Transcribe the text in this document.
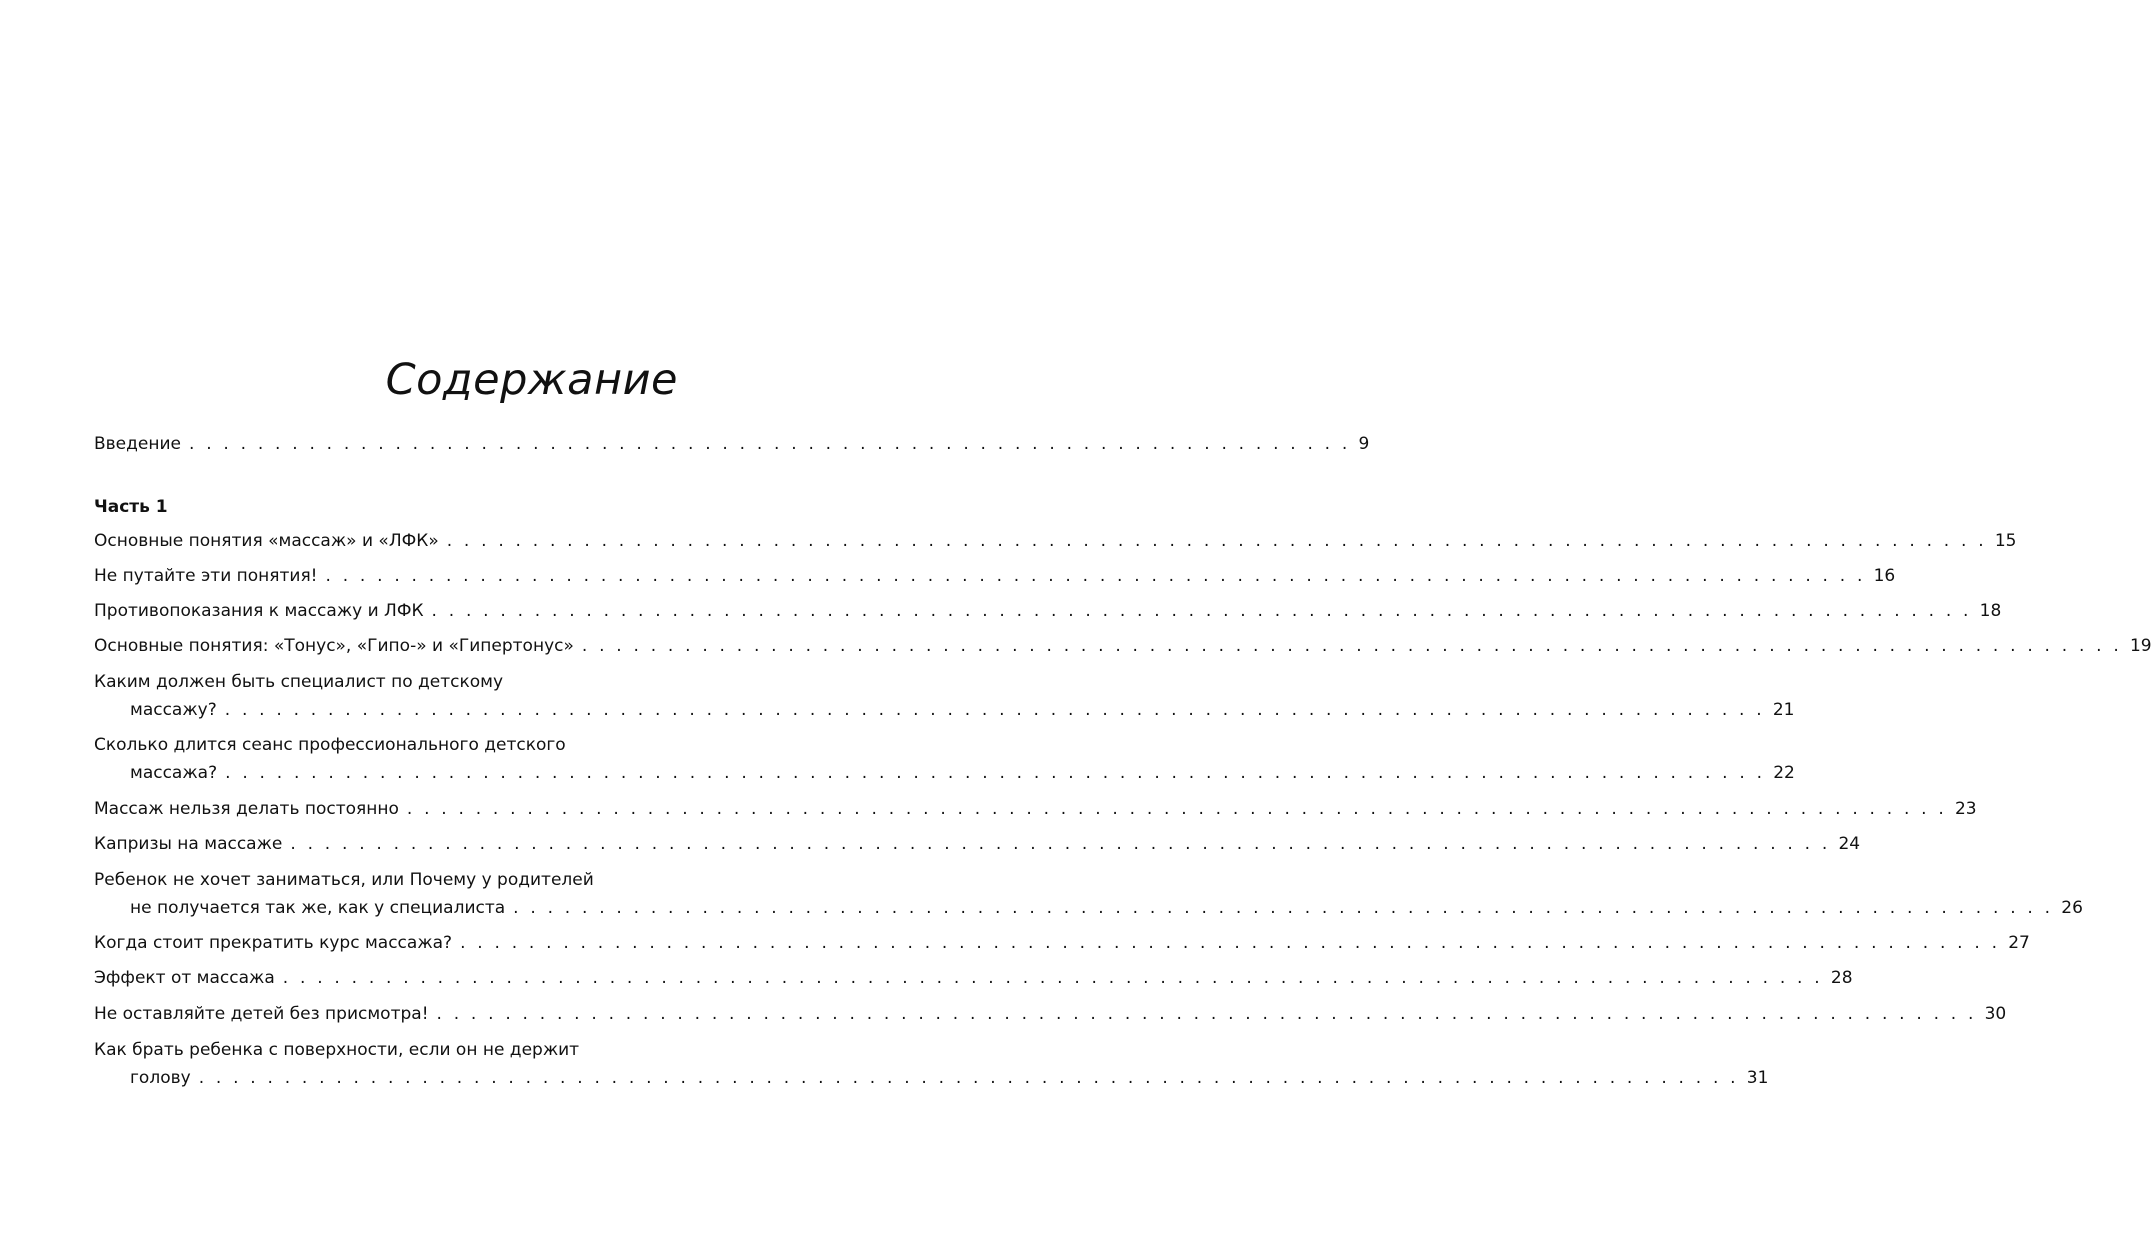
Содержание
Введение . . . . . . . . . . . . . . . . . . . . . . . . . . . . . . . . . . . . . . . . . . . . . . . . . . . . . . . . . . . . . . . . . . . . 9
Часть 1
Основные понятия «массаж» и «ЛФК» . . . . . . . . . . . . . . . . . . . . . . . . . . . . . . . . . . . . . . . . . . . . . . . . . . . . . . . . . . . . . . . . . . . . . . . . . . . . . . . . . . . . . . . . . . 15
Не путайте эти понятия! . . . . . . . . . . . . . . . . . . . . . . . . . . . . . . . . . . . . . . . . . . . . . . . . . . . . . . . . . . . . . . . . . . . . . . . . . . . . . . . . . . . . . . . . . . 16
Противопоказания к массажу и ЛФК . . . . . . . . . . . . . . . . . . . . . . . . . . . . . . . . . . . . . . . . . . . . . . . . . . . . . . . . . . . . . . . . . . . . . . . . . . . . . . . . . . . . . . . . . . 18
Основные понятия: «Тонус», «Гипо-» и «Гипертонус» . . . . . . . . . . . . . . . . . . . . . . . . . . . . . . . . . . . . . . . . . . . . . . . . . . . . . . . . . . . . . . . . . . . . . . . . . . . . . . . . . . . . . . . . . . 19
Каким должен быть специалист по детскому
массажу? . . . . . . . . . . . . . . . . . . . . . . . . . . . . . . . . . . . . . . . . . . . . . . . . . . . . . . . . . . . . . . . . . . . . . . . . . . . . . . . . . . . . . . . . . . 21
Сколько длится сеанс профессионального детского
массажа? . . . . . . . . . . . . . . . . . . . . . . . . . . . . . . . . . . . . . . . . . . . . . . . . . . . . . . . . . . . . . . . . . . . . . . . . . . . . . . . . . . . . . . . . . . 22
Массаж нельзя делать постоянно . . . . . . . . . . . . . . . . . . . . . . . . . . . . . . . . . . . . . . . . . . . . . . . . . . . . . . . . . . . . . . . . . . . . . . . . . . . . . . . . . . . . . . . . . . 23
Капризы на массаже . . . . . . . . . . . . . . . . . . . . . . . . . . . . . . . . . . . . . . . . . . . . . . . . . . . . . . . . . . . . . . . . . . . . . . . . . . . . . . . . . . . . . . . . . . 24
Ребенок не хочет заниматься, или Почему у родителей
не получается так же, как у специалиста . . . . . . . . . . . . . . . . . . . . . . . . . . . . . . . . . . . . . . . . . . . . . . . . . . . . . . . . . . . . . . . . . . . . . . . . . . . . . . . . . . . . . . . . . . 26
Когда стоит прекратить курс массажа? . . . . . . . . . . . . . . . . . . . . . . . . . . . . . . . . . . . . . . . . . . . . . . . . . . . . . . . . . . . . . . . . . . . . . . . . . . . . . . . . . . . . . . . . . . 27
Эффект от массажа . . . . . . . . . . . . . . . . . . . . . . . . . . . . . . . . . . . . . . . . . . . . . . . . . . . . . . . . . . . . . . . . . . . . . . . . . . . . . . . . . . . . . . . . . . 28
Не оставляйте детей без присмотра! . . . . . . . . . . . . . . . . . . . . . . . . . . . . . . . . . . . . . . . . . . . . . . . . . . . . . . . . . . . . . . . . . . . . . . . . . . . . . . . . . . . . . . . . . . 30
Как брать ребенка с поверхности, если он не держит
голову . . . . . . . . . . . . . . . . . . . . . . . . . . . . . . . . . . . . . . . . . . . . . . . . . . . . . . . . . . . . . . . . . . . . . . . . . . . . . . . . . . . . . . . . . . 31
